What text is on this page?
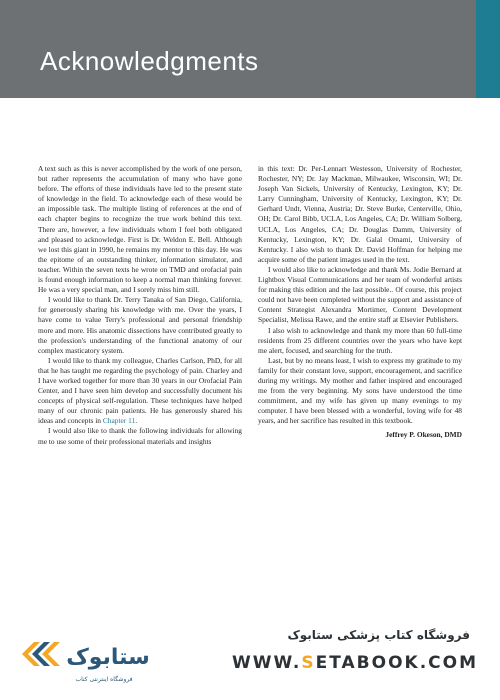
Acknowledgments

A text such as this is never accomplished by the work of one person, but rather represents the accumulation of many who have gone before. The efforts of these individuals have led to the present state of knowledge in the field. To acknowledge each of these would be an impossible task. The multiple listing of references at the end of each chapter begins to recognize the true work behind this text. There are, however, a few individuals whom I feel both obligated and pleased to acknowledge. First is Dr. Weldon E. Bell. Although we lost this giant in 1990, he remains my mentor to this day. He was the epitome of an outstanding thinker, information simulator, and teacher. Within the seven texts he wrote on TMD and orofacial pain is found enough information to keep a normal man thinking forever. He was a very special man, and I sorely miss him still.

I would like to thank Dr. Terry Tanaka of San Diego, California, for generously sharing his knowledge with me. Over the years, I have come to value Terry's professional and personal friendship more and more. His anatomic dissections have contributed greatly to the profession's understanding of the functional anatomy of our complex masticatory system.

I would like to thank my colleague, Charles Carlson, PhD, for all that he has taught me regarding the psychology of pain. Charley and I have worked together for more than 30 years in our Orofacial Pain Center, and I have seen him develop and successfully document his concepts of physical self-regulation. These techniques have helped many of our chronic pain patients. He has generously shared his ideas and concepts in Chapter 11.

I would also like to thank the following individuals for allowing me to use some of their professional materials and insights

in this text: Dr. Per-Lennart Westesson, University of Rochester, Rochester, NY; Dr. Jay Mackman, Milwaukee, Wisconsin, WI; Dr. Joseph Van Sickels, University of Kentucky, Lexington, KY; Dr. Larry Cunningham, University of Kentucky, Lexington, KY; Dr. Gerhard Undt, Vienna, Austria; Dr. Steve Burke, Centerville, Ohio, OH; Dr. Carol Bibb, UCLA, Los Angeles, CA; Dr. William Solberg, UCLA, Los Angeles, CA; Dr. Douglas Damm, University of Kentucky, Lexington, KY; Dr. Galal Omami, University of Kentucky. I also wish to thank Dr. David Hoffman for helping me acquire some of the patient images used in the text.

I would also like to acknowledge and thank Ms. Jodie Bernard at Lightbox Visual Communications and her team of wonderful artists for making this edition and the last possible.. Of course, this project could not have been completed without the support and assistance of Content Strategist Alexandra Mortimer, Content Development Specialist, Melissa Rawe, and the entire staff at Elsevier Publishers.

I also wish to acknowledge and thank my more than 60 full-time residents from 25 different countries over the years who have kept me alert, focused, and searching for the truth.

Last, but by no means least, I wish to express my gratitude to my family for their constant love, support, encouragement, and sacrifice during my writings. My mother and father inspired and encouraged me from the very beginning. My sons have understood the time commitment, and my wife has given up many evenings to my computer. I have been blessed with a wonderful, loving wife for 48 years, and her sacrifice has resulted in this textbook.

Jeffrey P. Okeson, DMD

ستابوک
فروشگاه اینترنتی کتاب
فروشگاه کتاب پزشکی ستابوک
WWW.SETABOOK.COM
